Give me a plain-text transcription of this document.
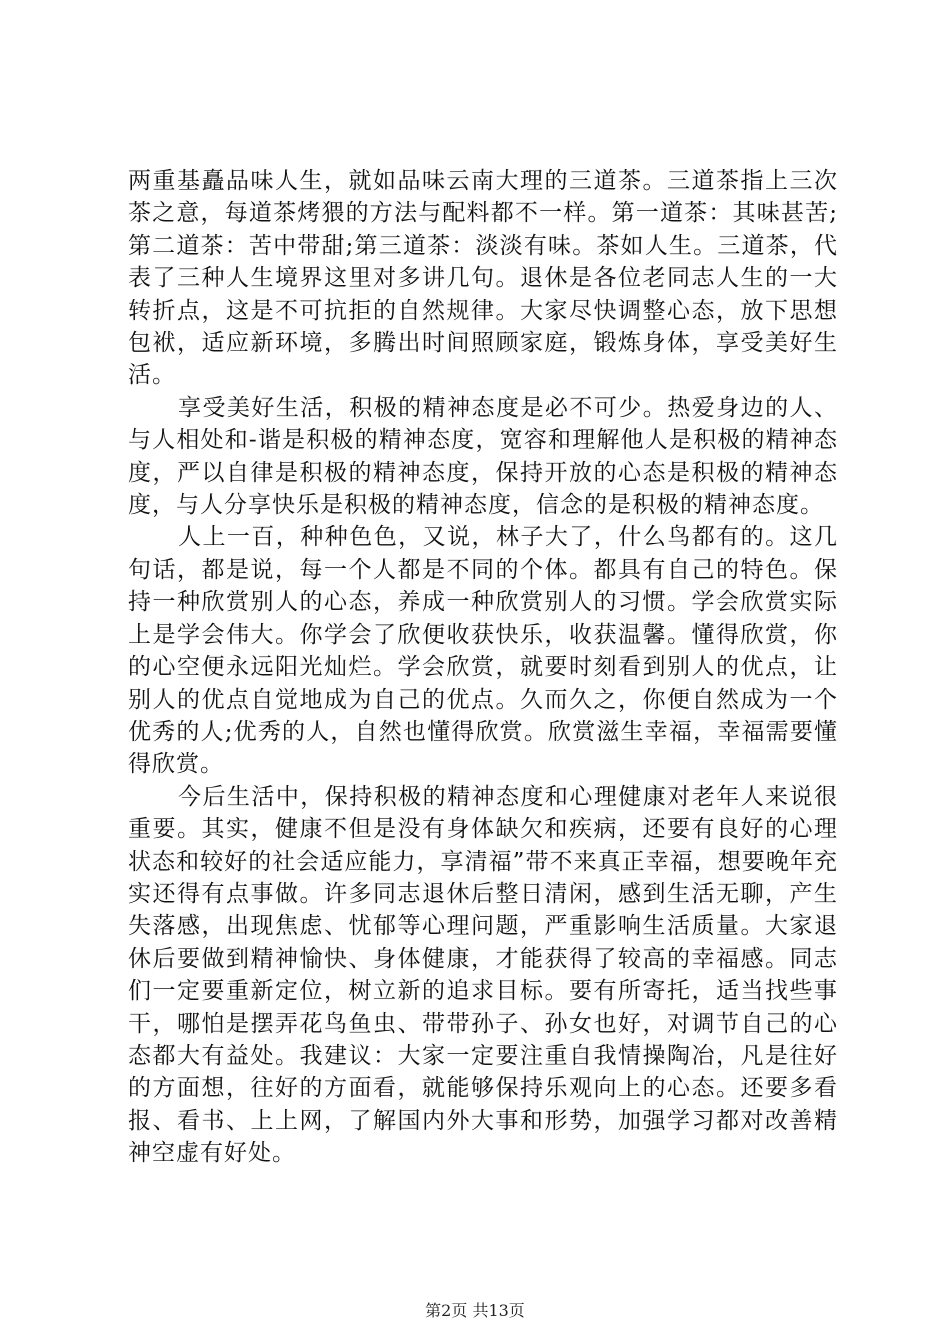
两重基矗品味人生，就如品味云南大理的三道茶。三道茶指上三次茶之意，每道茶烤猥的方法与配料都不一样。第一道茶：其味甚苦;第二道茶：苦中带甜;第三道茶：淡淡有味。茶如人生。三道茶，代表了三种人生境界这里对多讲几句。退休是各位老同志人生的一大转折点，这是不可抗拒的自然规律。大家尽快调整心态，放下思想包袱，适应新环境，多腾出时间照顾家庭，锻炼身体，享受美好生活。

享受美好生活，积极的精神态度是必不可少。热爱身边的人、与人相处和-谐是积极的精神态度，宽容和理解他人是积极的精神态度，严以自律是积极的精神态度，保持开放的心态是积极的精神态度，与人分享快乐是积极的精神态度，信念的是积极的精神态度。

人上一百，种种色色，又说，林子大了，什么鸟都有的。这几句话，都是说，每一个人都是不同的个体。都具有自己的特色。保持一种欣赏别人的心态，养成一种欣赏别人的习惯。学会欣赏实际上是学会伟大。你学会了欣便收获快乐，收获温馨。懂得欣赏，你的心空便永远阳光灿烂。学会欣赏，就要时刻看到别人的优点，让别人的优点自觉地成为自己的优点。久而久之，你便自然成为一个优秀的人;优秀的人，自然也懂得欣赏。欣赏滋生幸福，幸福需要懂得欣赏。

今后生活中，保持积极的精神态度和心理健康对老年人来说很重要。其实，健康不但是没有身体缺欠和疾病，还要有良好的心理状态和较好的社会适应能力，享清福”带不来真正幸福，想要晚年充实还得有点事做。许多同志退休后整日清闲，感到生活无聊，产生失落感，出现焦虑、忧郁等心理问题，严重影响生活质量。大家退休后要做到精神愉快、身体健康，才能获得了较高的幸福感。同志们一定要重新定位，树立新的追求目标。要有所寄托，适当找些事干，哪怕是摆弄花鸟鱼虫、带带孙子、孙女也好，对调节自己的心态都大有益处。我建议：大家一定要注重自我情操陶冶，凡是往好的方面想，往好的方面看，就能够保持乐观向上的心态。还要多看报、看书、上上网，了解国内外大事和形势，加强学习都对改善精神空虚有好处。

第2页 共13页
